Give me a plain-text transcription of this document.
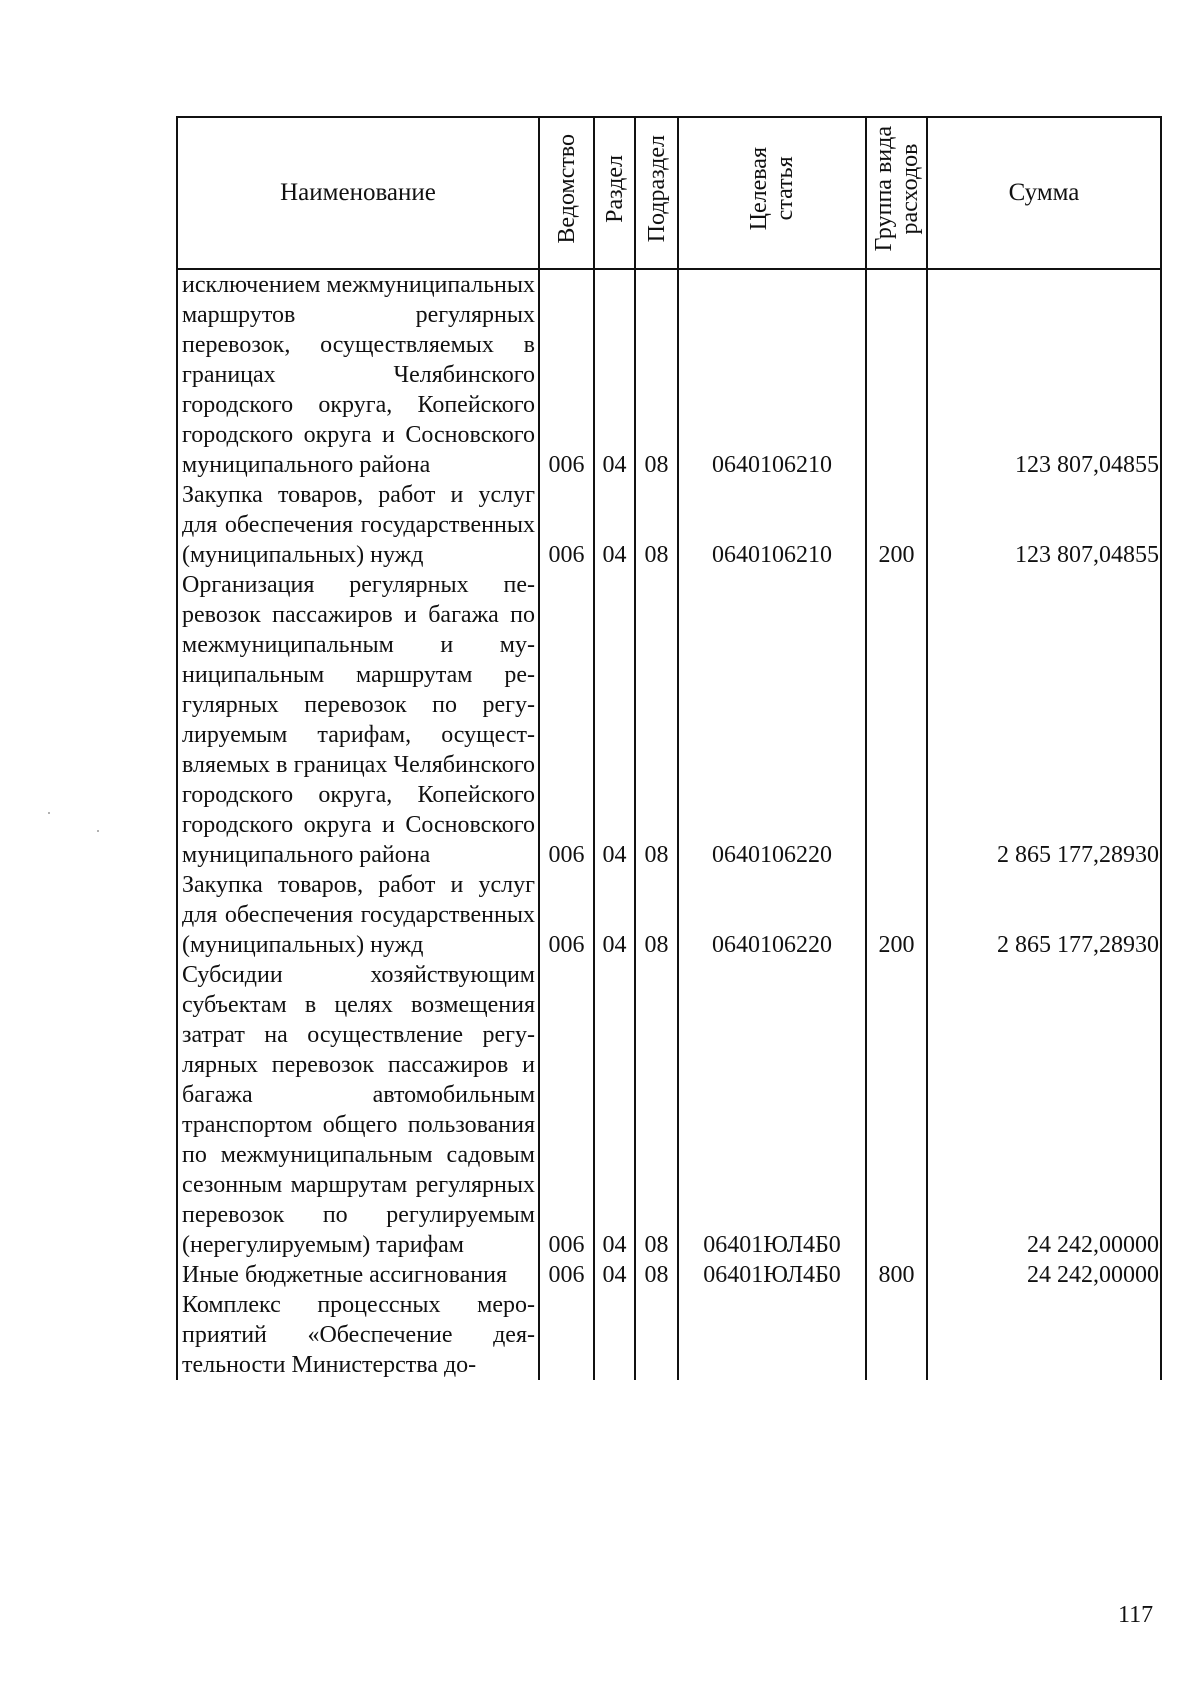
Наименование	Ведомство	Раздел	Подраздел	Целевая статья	Группа вида расходов	Сумма
исключением межмуниципальных маршрутов регулярных перевозок, осуществляемых в границах Челябинского городского округа, Копейского городского округа и Сосновского муниципального района	006	04	08	0640106210		123 807,04855
Закупка товаров, работ и услуг для обеспечения государственных (муниципальных) нужд	006	04	08	0640106210	200	123 807,04855
Организация регулярных перевозок пассажиров и багажа по межмуниципальным и муниципальным маршрутам регулярных перевозок по регулируемым тарифам, осуществляемых в границах Челябинского городского округа, Копейского городского округа и Сосновского муниципального района	006	04	08	0640106220		2 865 177,28930
Закупка товаров, работ и услуг для обеспечения государственных (муниципальных) нужд	006	04	08	0640106220	200	2 865 177,28930
Субсидии хозяйствующим субъектам в целях возмещения затрат на осуществление регулярных перевозок пассажиров и багажа автомобильным транспортом общего пользования по межмуниципальным садовым сезонным маршрутам регулярных перевозок по регулируемым (нерегулируемым) тарифам	006	04	08	06401ЮЛ4Б0		24 242,00000
Иные бюджетные ассигнования	006	04	08	06401ЮЛ4Б0	800	24 242,00000
Комплекс процессных мероприятий «Обеспечение деятельности Министерства до-						
117
